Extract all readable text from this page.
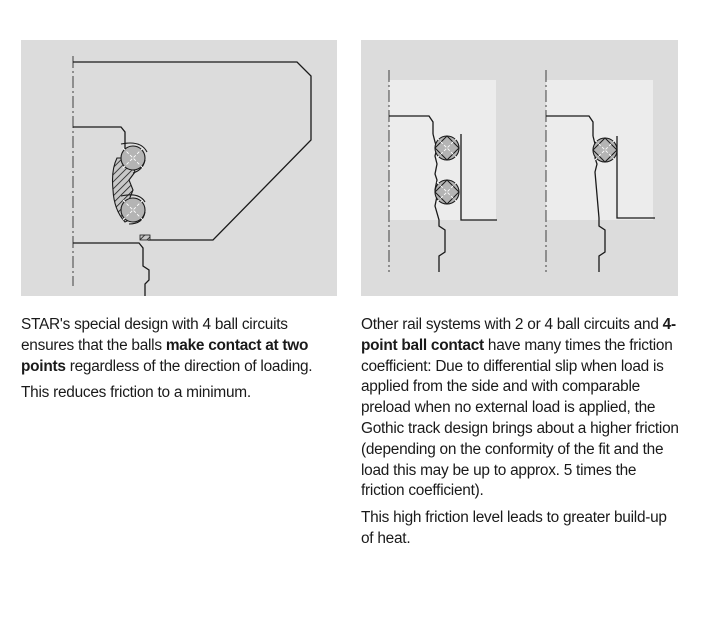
STAR's special design with 4 ball circuits ensures that the balls make contact at two points regardless of the direction of loading.

This reduces friction to a minimum.

Other rail systems with 2 or 4 ball circuits and 4-point ball contact have many times the friction coefficient: Due to differential slip when load is applied from the side and with comparable preload when no external load is applied, the Gothic track design brings about a higher friction (depending on the conformity of the fit and the load this may be up to approx. 5 times the friction coefficient).

This high friction level leads to greater build-up of heat.
